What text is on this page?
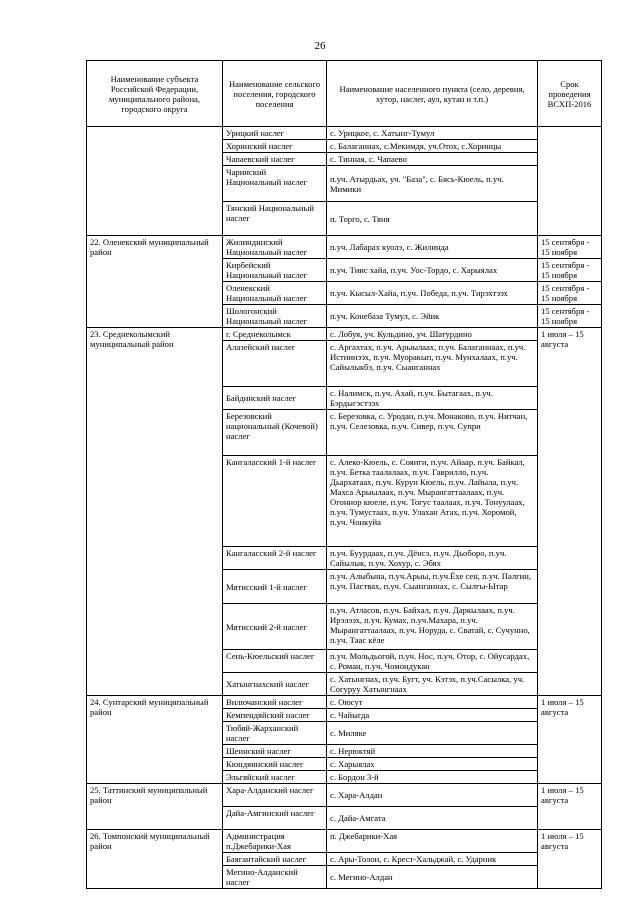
26
Наименование субъекта Российской Федерации, муниципального района, городского округа	Наименование сельского поселения, городского поселения	Наименование населенного пункта (село, деревня, хутор, наслег, аул, кутан и т.п.)	Срок проведения ВСХП-2016
	Урицкий наслег	с. Урицкое, с. Хатынг-Тумул	
	Хоринский наслег	с. Балаганнах, с.Мекимдя, уч.Отох, с.Хоринцы	
	Чапаевский наслег	с. Тинная, с. Чапаево	
	Чаринский Национальный наслег	п.уч. Атырдьах, уч. "База", с. Бясь-Кюель, п.уч. Мимики	
	Тянский Национальный наслег	п. Торго, с. Тяня	
22. Оленекский муниципальный район	Жилиндинский Национальный наслег	п.уч. Лабарах куолэ, с. Жилинда	15 сентября - 15 ноября
	Кирбейский Национальный наслег	п.уч. Тиис хайа, п.уч. Уос-Тордо, с. Харыялах	15 сентября - 15 ноября
	Оленекский Национальный наслег	п.уч. Кысыл-Хайа, п.уч. Победа, п.уч. Тирэхтээх	15 сентября - 15 ноября
	Шологонский Национальный наслег	п.уч. Конебаза Тумул, с. Эйик	15 сентября - 15 ноября
23. Среднеколымский муниципальный район	г. Среднеколымск	с. Лобуя, уч. Кульдино, уч. Шатурдино	1 июля – 15 августа
	Алазейский наслег	с. Аргахтах, п.уч. Арыылаах, п.уч. Балаганнаах, п.уч. Истиинээх, п.уч. Муоракып, п.уч. Мунхалаах, п.уч. Сайылыкбэ, п.уч. Сыанганнах	
	Байдинский наслег	с. Налимск, п.уч. Ахай, п.уч. Бытагаах, п.уч. Бэрдыгэстээх	
	Березовский национальный (Кочевой) наслег	с. Березовка, с. Уродан, п.уч. Монаково, п.уч. Нитчан, п.уч. Селезовка, п.уч. Сивер, п.уч. Супри	
	Кангаласский 1-й наслег	с. Алеко-Кюель, с. Сояиги, п.уч. Айаар, п.уч. Байкал, п.уч. Бетка таалалаах, п.уч. Гаврилло, п.уч. Дьархатаах, п.уч. Курун Кюель, п.уч. Лайыла, п.уч. Махса Арыылаах, п.уч. Мырангаттаалаах, п.уч. Огоннор кюеле, п.уч. Тогус таалаах, п.уч. Тонуулаах, п.уч. Тумустаах, п.уч. Улахан Атах, п.уч. Хоромой, п.уч. Чонкуйа	
	Кангаласский 2-й наслег	п.уч. Буурдаах, п.уч. Дёнсэ, п.уч. Дьоборо, п.уч. Сайылык, п.уч. Хохур, с. Эбях	
	Мятисский 1-й наслег	п.уч. Алыбына, п.уч.Арыы, п.уч.Ёхе сен, п.уч. Палгин, п.уч. Паствах, п.уч. Сыанганнах, с. Сылгы-Ытар	
	Мятисский 2-й наслег	п.уч. Атласов, п.уч. Байхал, п.уч. Даркылаах, п.уч. Ирэлээх, п.уч. Кумах, п.уч.Махара, п.уч. Мырангаттаалаах, п.уч. Норуда, с. Сватай, с. Сучунно, п.уч. Таас кёле	
	Сень-Кюельский наслег	п.уч. Мольдьогой, п.уч. Нос, п.уч. Отор, с. Ойусардах, с. Роман, п.уч. Чомондукан	
	Хатынгнахский наслег	с. Хатынгнах, п.уч. Бугт, уч. Кэтэх, п.уч.Сасылка, уч. Согуруу Хатынгнаах	
24. Сунтарский муниципальный район	Вилючанский наслег	с. Оюсут	1 июля – 15 августа
	Кемпендяйский наслег	с. Чайыгда	
	Тюбяй-Жарханский наслег	с. Миляке	
	Шеинский наслег	с. Нерюктяй	
	Кюндяинский наслег	с. Харыялах	
	Эльгяйский наслег	с. Бордон 3-й	
25. Таттинский муниципальный район	Хара-Алданский наслег	с. Хара-Алдан	1 июля – 15 августа
	Дайа-Амгинский наслег	с. Дайа-Амгата	
26. Томпонский муниципальный район	Администрация п.Джебарики-Хая	п. Джебарики-Хая	1 июля – 15 августа
	Баягантайский наслег	с. Ары-Толон, с. Крест-Хальджай, с. Ударник	
	Мегино-Алданский наслег	с. Мегино-Алдан	
